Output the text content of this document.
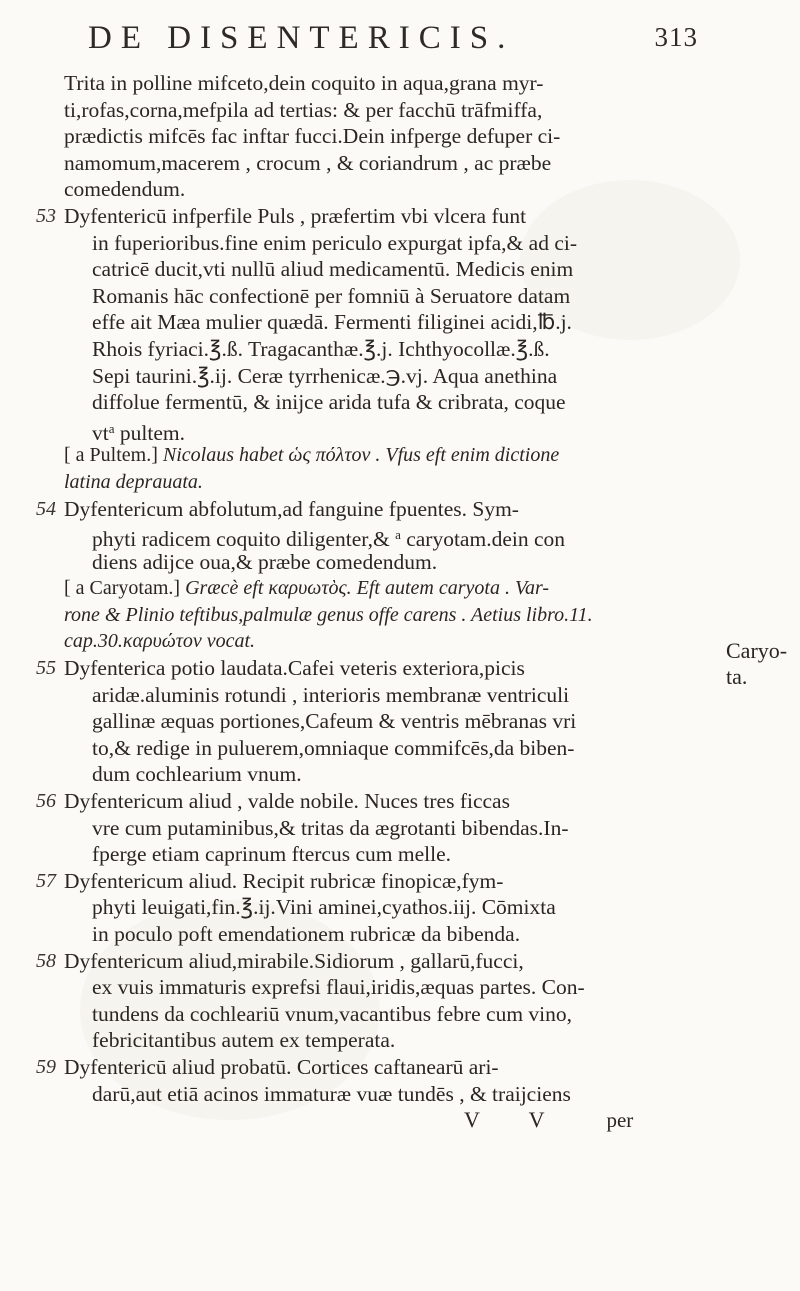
DE DISENTERICIS.	313
Trita in polline mifceto,dein coquito in aqua,grana myr-
ti,rofas,corna,mefpila ad tertias: & per facchū trāfmiffa,
prædictis mifcēs fac inftar fucci.Dein infperge defuper ci-
namomum,macerem , crocum , & coriandrum , ac præbe
comedendum.
53 Dyfentericū infperfile Puls , præfertim vbi vlcera funt
in fuperioribus.fine enim periculo expurgat ipfa,& ad ci-
catricē ducit,vti nullū aliud medicamentū. Medicis enim
Romanis hāc confectionē per fomniū à Seruatore datam
effe ait Mæa mulier quædā. Fermenti filiginei acidi,℔.j.
Rhois fyriaci.℥.ß. Tragacanthæ.℥.j. Ichthyocollæ.℥.ß.
Sepi taurini.℥.ij. Ceræ tyrrhenicæ.℈.vj. Aqua anethina
diffolue fermentū, & inijce arida tufa & cribrata, coque
$vt^a$ pultem.
[ a Pultem.] Nicolaus habet ὡς πόλτον . Vfus eft enim dictione
latina deprauata.
54 Dyfentericum abfolutum,ad fanguine fpuentes. Sym-
phyti radicem coquito diligenter,& $^a$ caryotam.dein con
diens adijce oua,& præbe comedendum.
[ a Caryotam.] Græcè eft καρυωτὸς. Eft autem caryota . Var-
rone & Plinio teftibus,palmulæ genus offe carens . Aetius libro.11.
cap.30.καρυώτον vocat.
55 Dyfenterica potio laudata.Cafei veteris exteriora,picis
aridæ.aluminis rotundi , interioris membranæ ventriculi
gallinæ æquas portiones,Cafeum & ventris mēbranas vri
to,& redige in puluerem,omniaque commifcēs,da biben-
dum cochlearium vnum.
56 Dyfentericum aliud , valde nobile. Nuces tres ficcas
vre cum putaminibus,& tritas da ægrotanti bibendas.In-
fperge etiam caprinum ftercus cum melle.
57 Dyfentericum aliud. Recipit rubricæ finopicæ,fym-
phyti leuigati,fin.℥.ij.Vini aminei,cyathos.iij. Cōmixta
in poculo poft emendationem rubricæ da bibenda.
58 Dyfentericum aliud,mirabile.Sidiorum , gallarū,fucci,
ex vuis immaturis exprefsi flaui,iridis,æquas partes. Con-
tundens da cochleariū vnum,vacantibus febre cum vino,
febricitantibus autem ex temperata.
59 Dyfentericū aliud probatū. Cortices caftanearū ari-
darū,aut etiā acinos immaturæ vuæ tundēs , & traijciens
V V per
Caryo-
ta.
